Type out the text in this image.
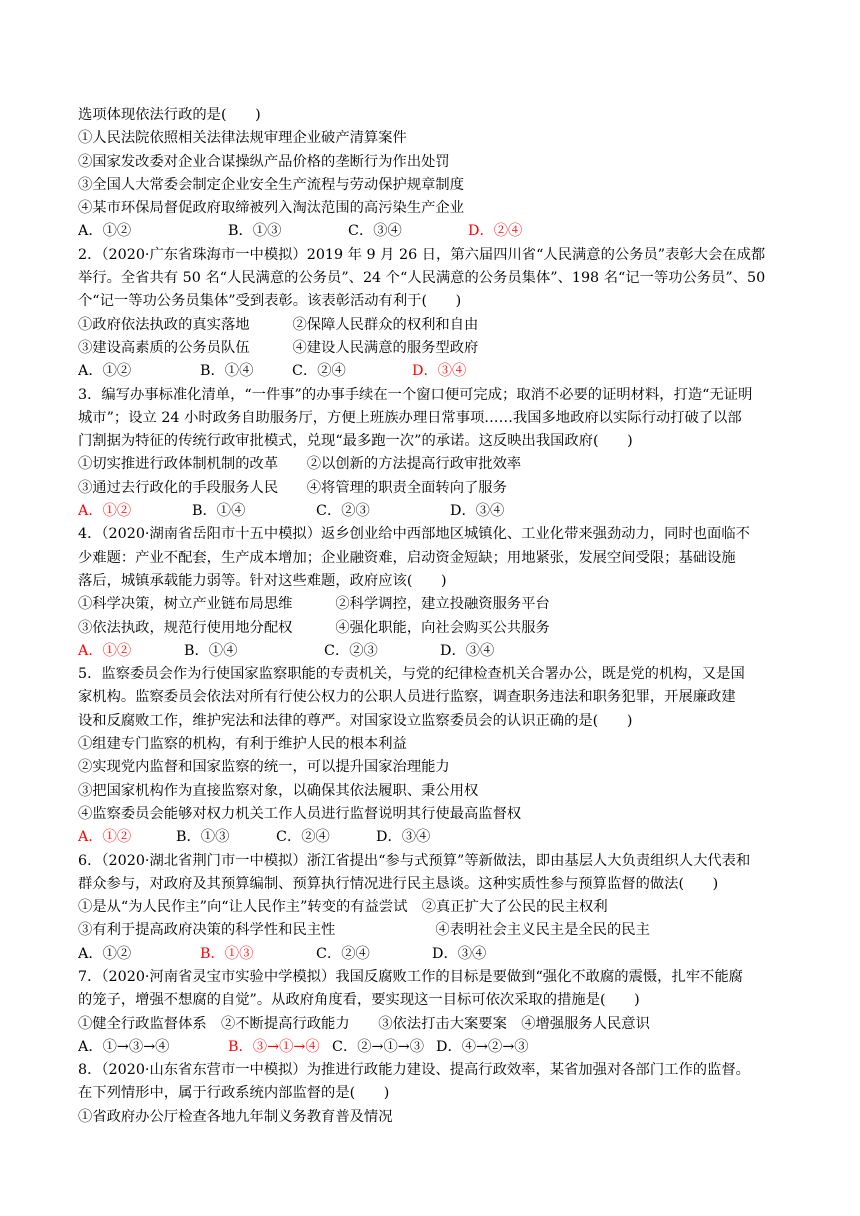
选项体现依法行政的是(　　)
①人民法院依照相关法律法规审理企业破产清算案件
②国家发改委对企业合谋操纵产品价格的垄断行为作出处罚
③全国人大常委会制定企业安全生产流程与劳动保护规章制度
④某市环保局督促政府取缔被列入淘汰范围的高污染生产企业
A．①②	B．①③	C．③④	D．②④
2．（2020·广东省珠海市一中模拟）2019 年 9 月 26 日，第六届四川省“人民满意的公务员”表彰大会在成都
举行。全省共有 50 名“人民满意的公务员”、24 个“人民满意的公务员集体”、198 名“记一等功公务员”、50
个“记一等功公务员集体”受到表彰。该表彰活动有利于(　　)
①政府依法执政的真实落地　　　②保障人民群众的权利和自由
③建设高素质的公务员队伍　　　④建设人民满意的服务型政府
A．①②	B．①④	C．②④	D．③④
3．编写办事标准化清单，“一件事”的办事手续在一个窗口便可完成；取消不必要的证明材料，打造“无证明
城市”；设立 24 小时政务自助服务厅，方便上班族办理日常事项……我国多地政府以实际行动打破了以部
门割据为特征的传统行政审批模式，兑现“最多跑一次”的承诺。这反映出我国政府(　　)
①切实推进行政体制机制的改革　　②以创新的方法提高行政审批效率
③通过去行政化的手段服务人民　　④将管理的职责全面转向了服务
A．①②	B．①④	C．②③	D．③④
4．（2020·湖南省岳阳市十五中模拟）返乡创业给中西部地区城镇化、工业化带来强劲动力，同时也面临不
少难题：产业不配套，生产成本增加；企业融资难，启动资金短缺；用地紧张，发展空间受限；基础设施
落后，城镇承载能力弱等。针对这些难题，政府应该(　　)
①科学决策，树立产业链布局思维　　　②科学调控，建立投融资服务平台
③依法执政，规范行使用地分配权　　　④强化职能，向社会购买公共服务
A．①②	B．①④	C．②③	D．③④
5．监察委员会作为行使国家监察职能的专责机关，与党的纪律检查机关合署办公，既是党的机构，又是国
家机构。监察委员会依法对所有行使公权力的公职人员进行监察，调查职务违法和职务犯罪，开展廉政建
设和反腐败工作，维护宪法和法律的尊严。对国家设立监察委员会的认识正确的是(　　)
①组建专门监察的机构，有利于维护人民的根本利益
②实现党内监督和国家监察的统一，可以提升国家治理能力
③把国家机构作为直接监察对象，以确保其依法履职、秉公用权
④监察委员会能够对权力机关工作人员进行监督说明其行使最高监督权
A．①②	B．①③	C．②④	D．③④
6．（2020·湖北省荆门市一中模拟）浙江省提出“参与式预算”等新做法，即由基层人大负责组织人大代表和
群众参与，对政府及其预算编制、预算执行情况进行民主恳谈。这种实质性参与预算监督的做法(　　)
①是从“为人民作主”向“让人民作主”转变的有益尝试　②真正扩大了公民的民主权利
③有利于提高政府决策的科学性和民主性　　　　　　　④表明社会主义民主是全民的民主
A．①②	B．①③	C．②④	D．③④
7．（2020·河南省灵宝市实验中学模拟）我国反腐败工作的目标是要做到“强化不敢腐的震慑，扎牢不能腐
的笼子，增强不想腐的自觉”。从政府角度看，要实现这一目标可依次采取的措施是(　　)
①健全行政监督体系　②不断提高行政能力　　③依法打击大案要案　④增强服务人民意识
A．①→③→④	B．③→①→④ C．②→①→③ D．④→②→③
8．（2020·山东省东营市一中模拟）为推进行政能力建设、提高行政效率，某省加强对各部门工作的监督。
在下列情形中，属于行政系统内部监督的是(　　)
①省政府办公厅检查各地九年制义务教育普及情况
